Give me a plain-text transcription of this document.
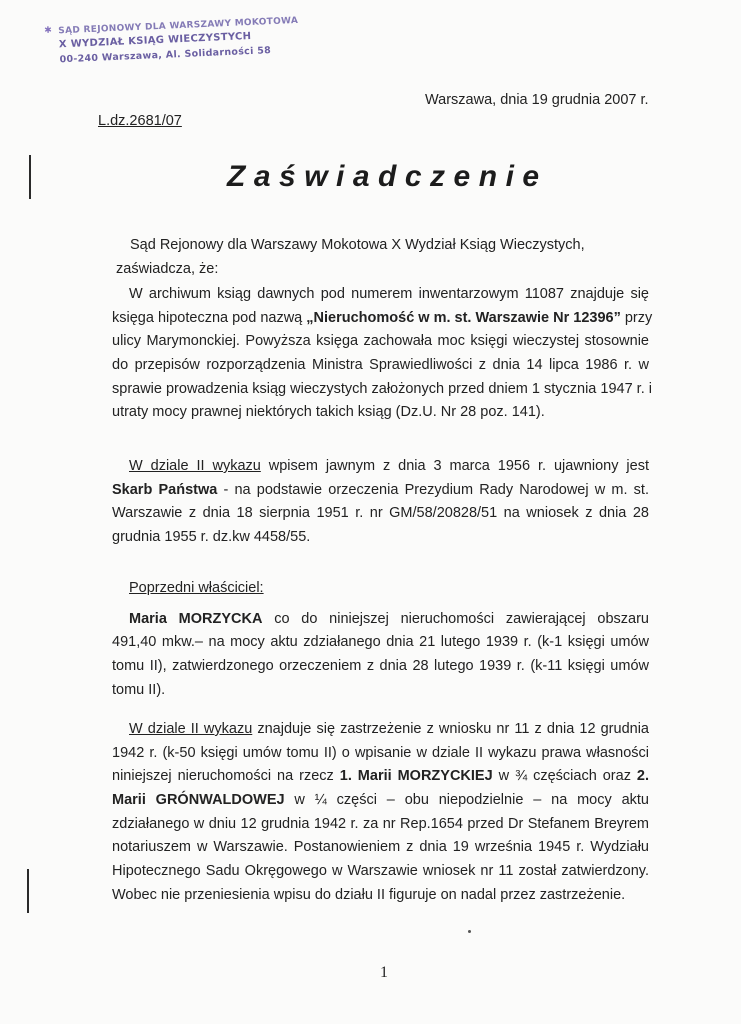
✱ SĄD REJONOWY DLA WARSZAWY MOKOTOWA
X WYDZIAŁ KSIĄG WIECZYSTYCH
00-240 Warszawa, Al. Solidarności 58
Warszawa, dnia 19 grudnia 2007 r.
L.dz.2681/07
Zaświadczenie
Sąd Rejonowy dla Warszawy Mokotowa X Wydział Ksiąg Wieczystych,
zaświadcza, że:
W archiwum ksiąg dawnych pod numerem inwentarzowym 11087 znajduje się
księga hipoteczna pod nazwą „Nieruchomość w m. st. Warszawie Nr 12396” przy
ulicy Marymonckiej. Powyższa księga zachowała moc księgi wieczystej stosownie
do przepisów rozporządzenia Ministra Sprawiedliwości z dnia 14 lipca 1986 r. w
sprawie prowadzenia ksiąg wieczystych założonych przed dniem 1 stycznia 1947 r. i
utraty mocy prawnej niektórych takich ksiąg (Dz.U. Nr 28 poz. 141).
W dziale II wykazu wpisem jawnym z dnia 3 marca 1956 r. ujawniony jest
Skarb Państwa - na podstawie orzeczenia Prezydium Rady Narodowej w m. st.
Warszawie z dnia 18 sierpnia 1951 r. nr GM/58/20828/51 na wniosek z dnia 28
grudnia 1955 r. dz.kw 4458/55.
Poprzedni właściciel:
Maria MORZYCKA co do niniejszej nieruchomości zawierającej obszaru
491,40 mkw.– na mocy aktu zdziałanego dnia 21 lutego 1939 r. (k-1 księgi umów
tomu II), zatwierdzonego orzeczeniem z dnia 28 lutego 1939 r. (k-11 księgi umów
tomu II).
W dziale II wykazu znajduje się zastrzeżenie z wniosku nr 11 z dnia 12 grudnia
1942 r. (k-50 księgi umów tomu II) o wpisanie w dziale II wykazu prawa własności
niniejszej nieruchomości na rzecz 1. Marii MORZYCKIEJ w ¾ częściach oraz 2.
Marii GRÓNWALDOWEJ w ¼ części – obu niepodzielnie – na mocy aktu
zdziałanego w dniu 12 grudnia 1942 r. za nr Rep.1654 przed Dr Stefanem Breyrem
notariuszem w Warszawie. Postanowieniem z dnia 19 września 1945 r. Wydziału
Hipotecznego Sadu Okręgowego w Warszawie wniosek nr 11 został zatwierdzony.
Wobec nie przeniesienia wpisu do działu II figuruje on nadal przez zastrzeżenie.
1
